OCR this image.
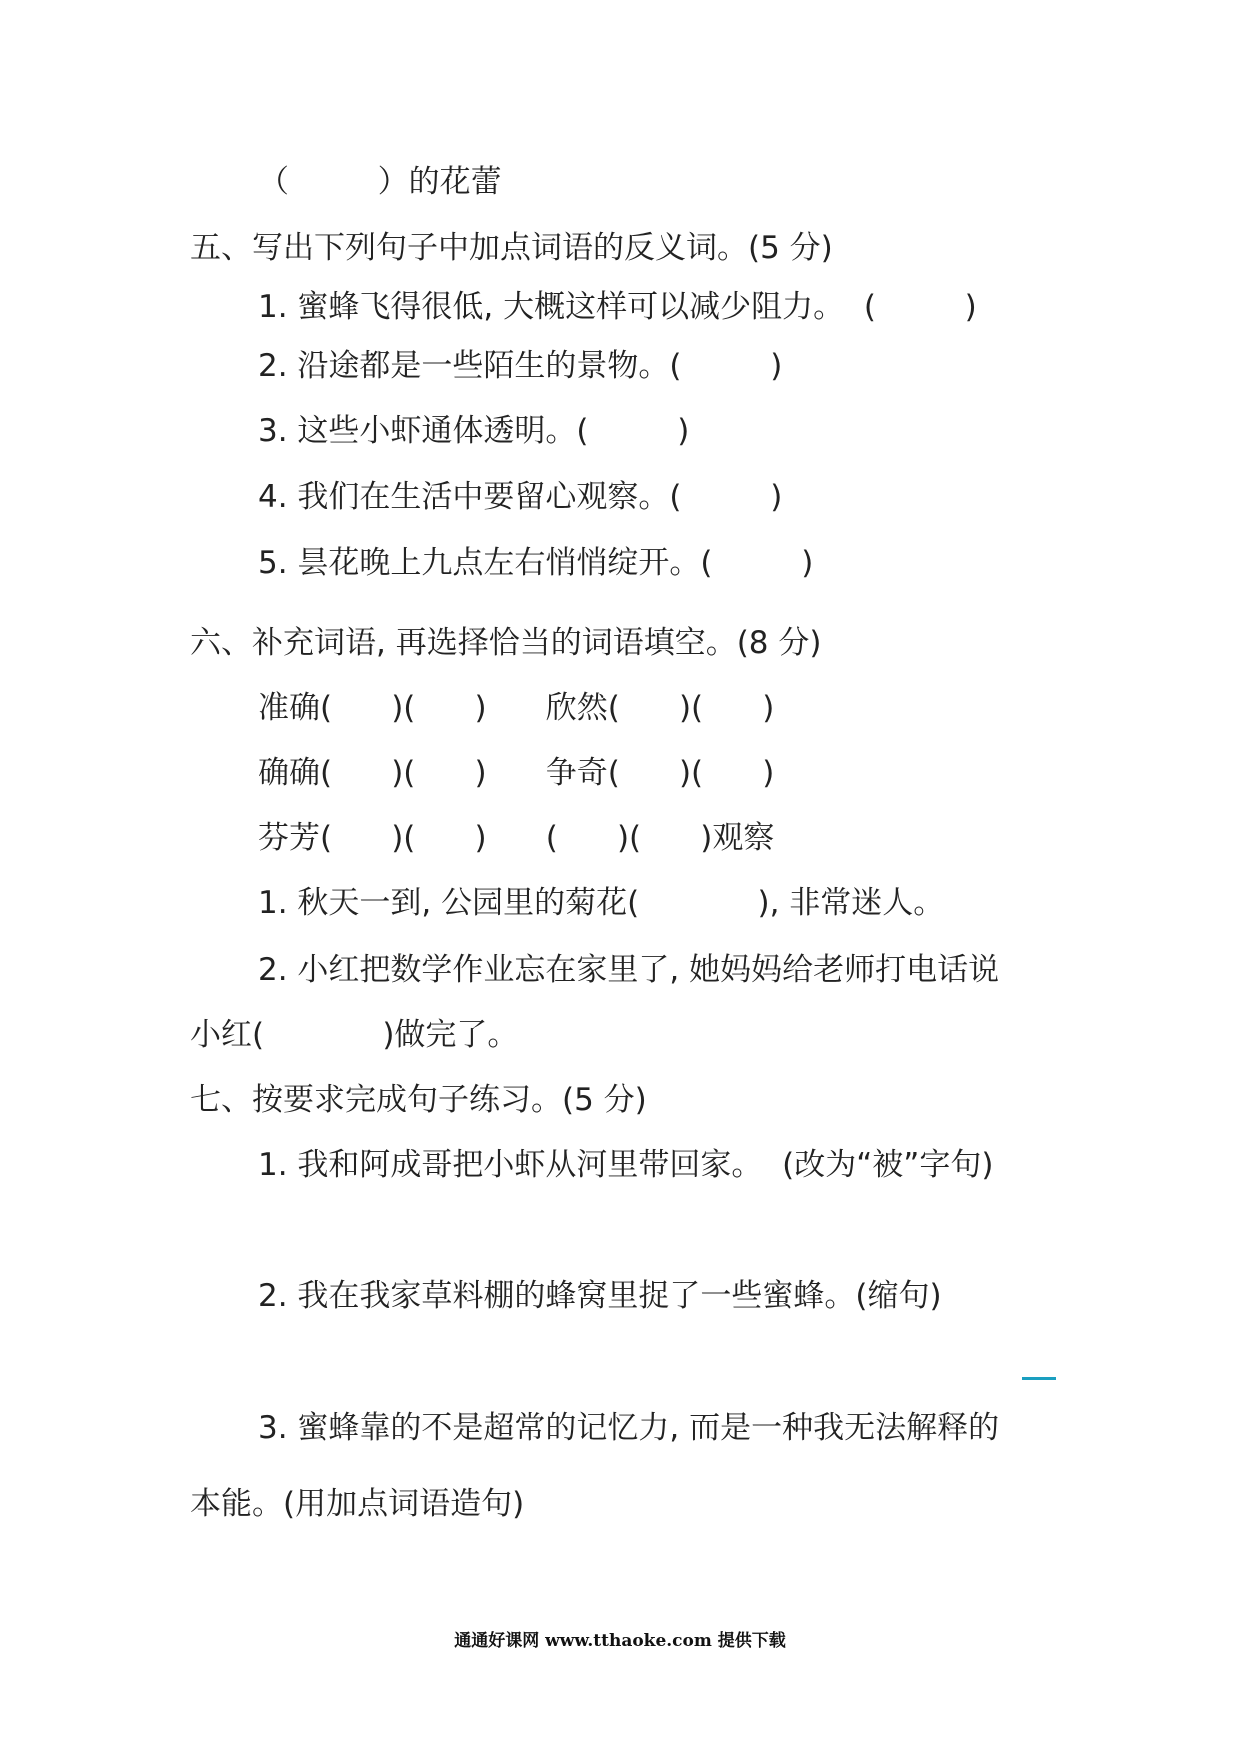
（         ）的花蕾
五、写出下列句子中加点词语的反义词。(5 分)
1. 蜜蜂飞得很低, 大概这样可以减少阻力。  (         )
2. 沿途都是一些陌生的景物。(         )
3. 这些小虾通体透明。(         )
4. 我们在生活中要留心观察。(         )
5. 昙花晚上九点左右悄悄绽开。(         )
六、补充词语, 再选择恰当的词语填空。(8 分)
准确(      )(      )      欣然(      )(      )
确确(      )(      )      争奇(      )(      )
芬芳(      )(      )      (      )(      )观察
1. 秋天一到, 公园里的菊花(            ), 非常迷人。
2. 小红把数学作业忘在家里了, 她妈妈给老师打电话说
小红(            )做完了。
七、按要求完成句子练习。(5 分)
1. 我和阿成哥把小虾从河里带回家。  (改为“被”字句)
2. 我在我家草料棚的蜂窝里捉了一些蜜蜂。(缩句)
3. 蜜蜂靠的不是超常的记忆力, 而是一种我无法解释的
本能。(用加点词语造句)
通通好课网 www.tthaoke.com 提供下载
